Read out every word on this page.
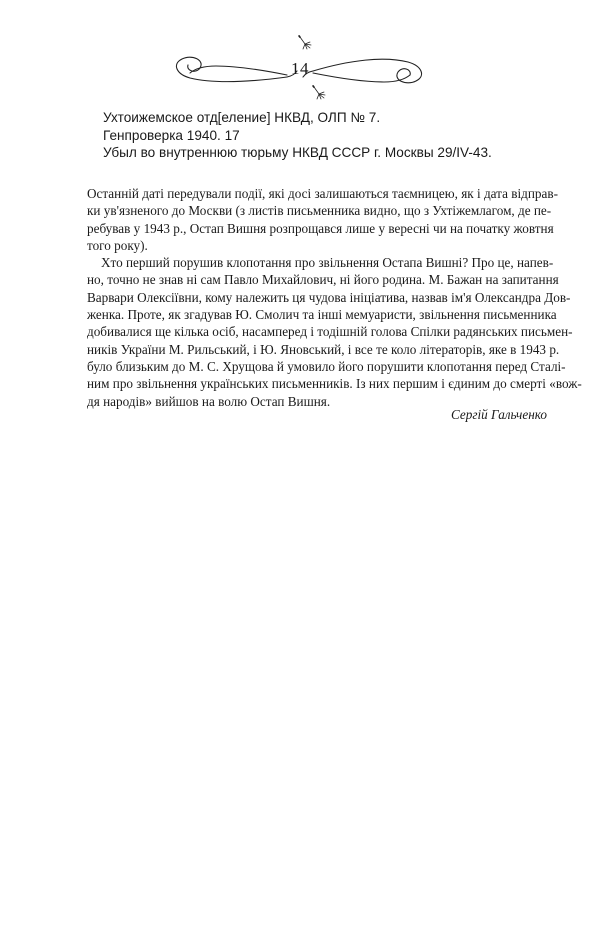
14
Ухтоижемское отд[еление] НКВД, ОЛП № 7.
Генпроверка 1940. 17
Убыл во внутреннюю тюрьму НКВД СССР г. Москвы 29/IV-43.
Останній даті передували події, які досі залишаються таємницею, як і дата відправ-
ки ув'язненого до Москви (з листів письменника видно, що з Ухтіжемлагом, де пе-
ребував у 1943 р., Остап Вишня розпрощався лише у вересні чи на початку жовтня
того року).
Хто перший порушив клопотання про звільнення Остапа Вишні? Про це, напев-
но, точно не знав ні сам Павло Михайлович, ні його родина. М. Бажан на запитання
Варвари Олексіївни, кому належить ця чудова ініціатива, назвав ім'я Олександра Дов-
женка. Проте, як згадував Ю. Смолич та інші мемуаристи, звільнення письменника
добивалися ще кілька осіб, насамперед і тодішній голова Спілки радянських письмен-
ників України М. Рильський, і Ю. Яновський, і все те коло літераторів, яке в 1943 р.
було близьким до М. С. Хрущова й умовило його порушити клопотання перед Сталі-
ним про звільнення українських письменників. Із них першим і єдиним до смерті «вож-
дя народів» вийшов на волю Остап Вишня.
Сергій Гальченко
